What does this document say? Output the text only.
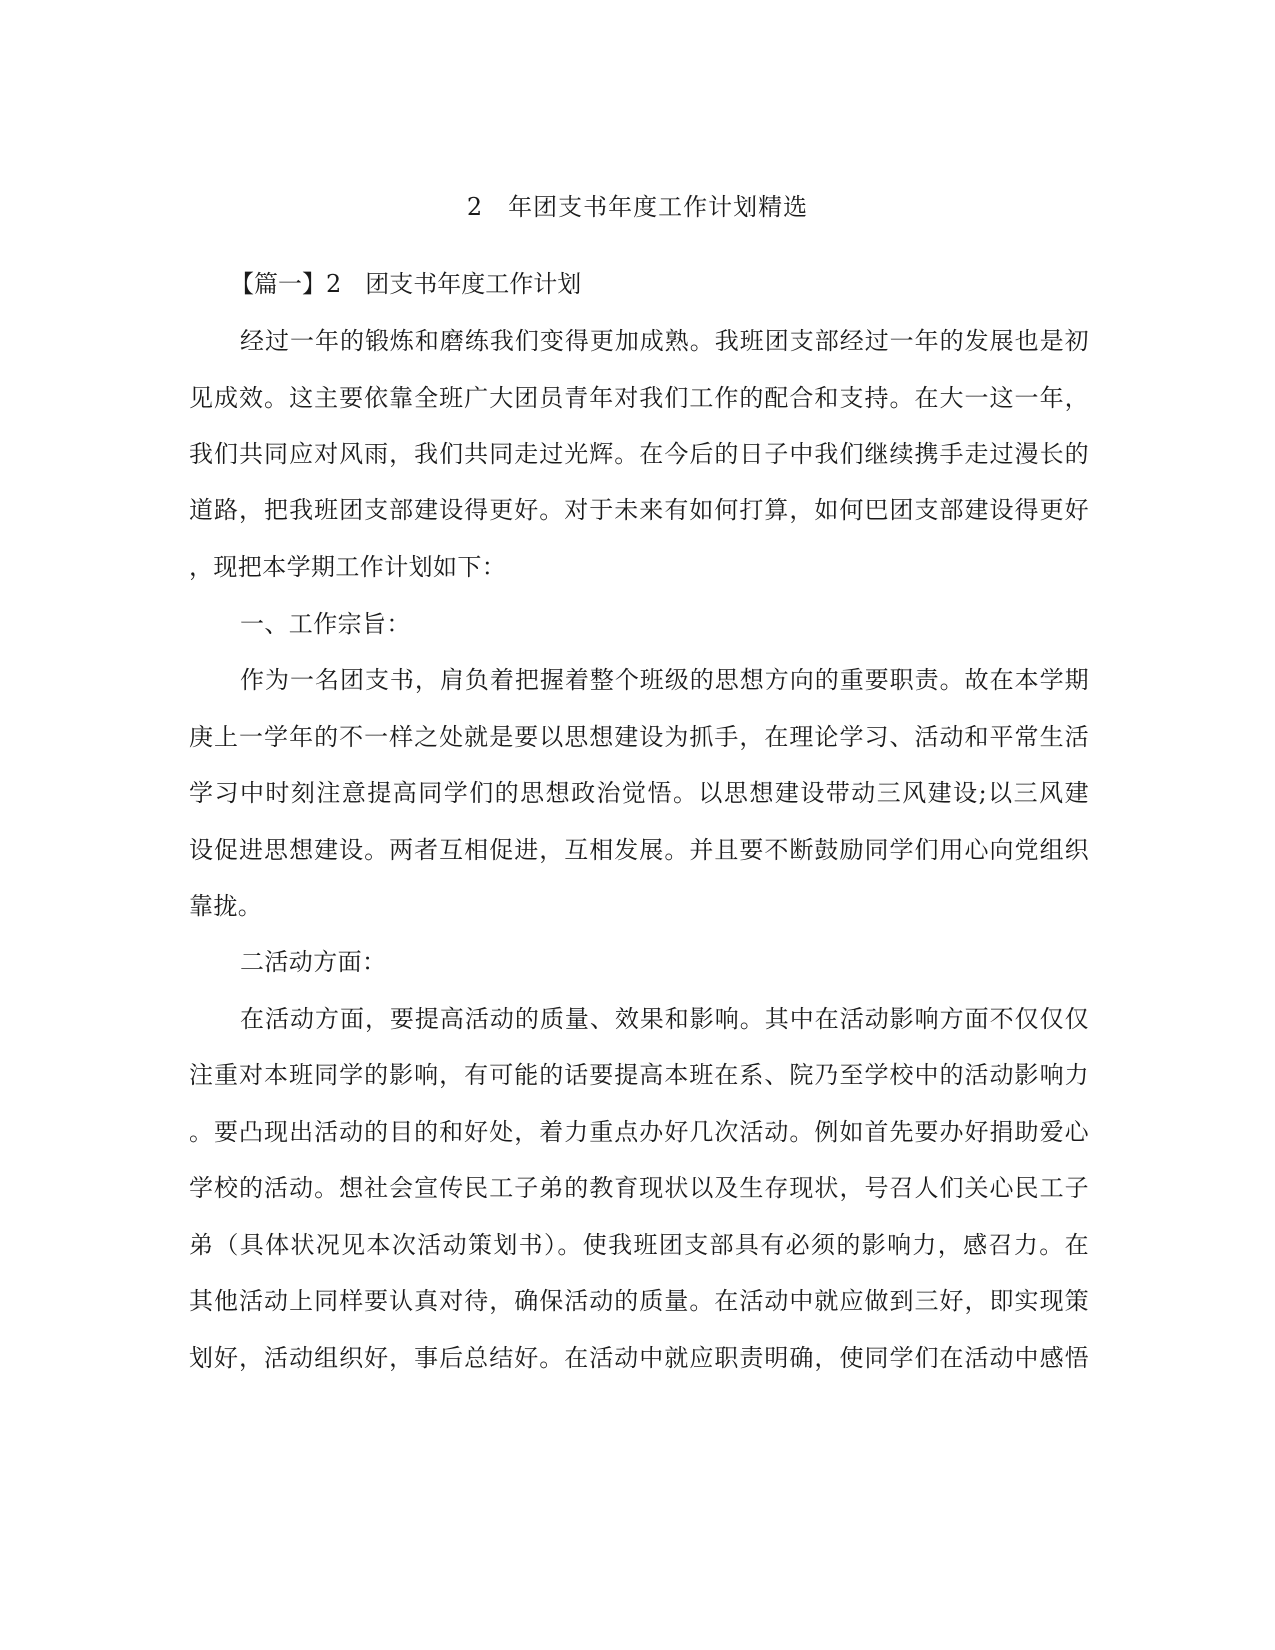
2　年团支书年度工作计划精选
【篇一】2　团支书年度工作计划
经过一年的锻炼和磨练我们变得更加成熟。我班团支部经过一年的发展也是初
见成效。这主要依靠全班广大团员青年对我们工作的配合和支持。在大一这一年，
我们共同应对风雨，我们共同走过光辉。在今后的日子中我们继续携手走过漫长的
道路，把我班团支部建设得更好。对于未来有如何打算，如何巴团支部建设得更好
，现把本学期工作计划如下：
一、工作宗旨：
作为一名团支书，肩负着把握着整个班级的思想方向的重要职责。故在本学期
庚上一学年的不一样之处就是要以思想建设为抓手，在理论学习、活动和平常生活
学习中时刻注意提高同学们的思想政治觉悟。以思想建设带动三风建设;以三风建
设促进思想建设。两者互相促进，互相发展。并且要不断鼓励同学们用心向党组织
靠拢。
二活动方面：
在活动方面，要提高活动的质量、效果和影响。其中在活动影响方面不仅仅仅
注重对本班同学的影响，有可能的话要提高本班在系、院乃至学校中的活动影响力
。要凸现出活动的目的和好处，着力重点办好几次活动。例如首先要办好捐助爱心
学校的活动。想社会宣传民工子弟的教育现状以及生存现状，号召人们关心民工子
弟（具体状况见本次活动策划书）。使我班团支部具有必须的影响力，感召力。在
其他活动上同样要认真对待，确保活动的质量。在活动中就应做到三好，即实现策
划好，活动组织好，事后总结好。在活动中就应职责明确，使同学们在活动中感悟
